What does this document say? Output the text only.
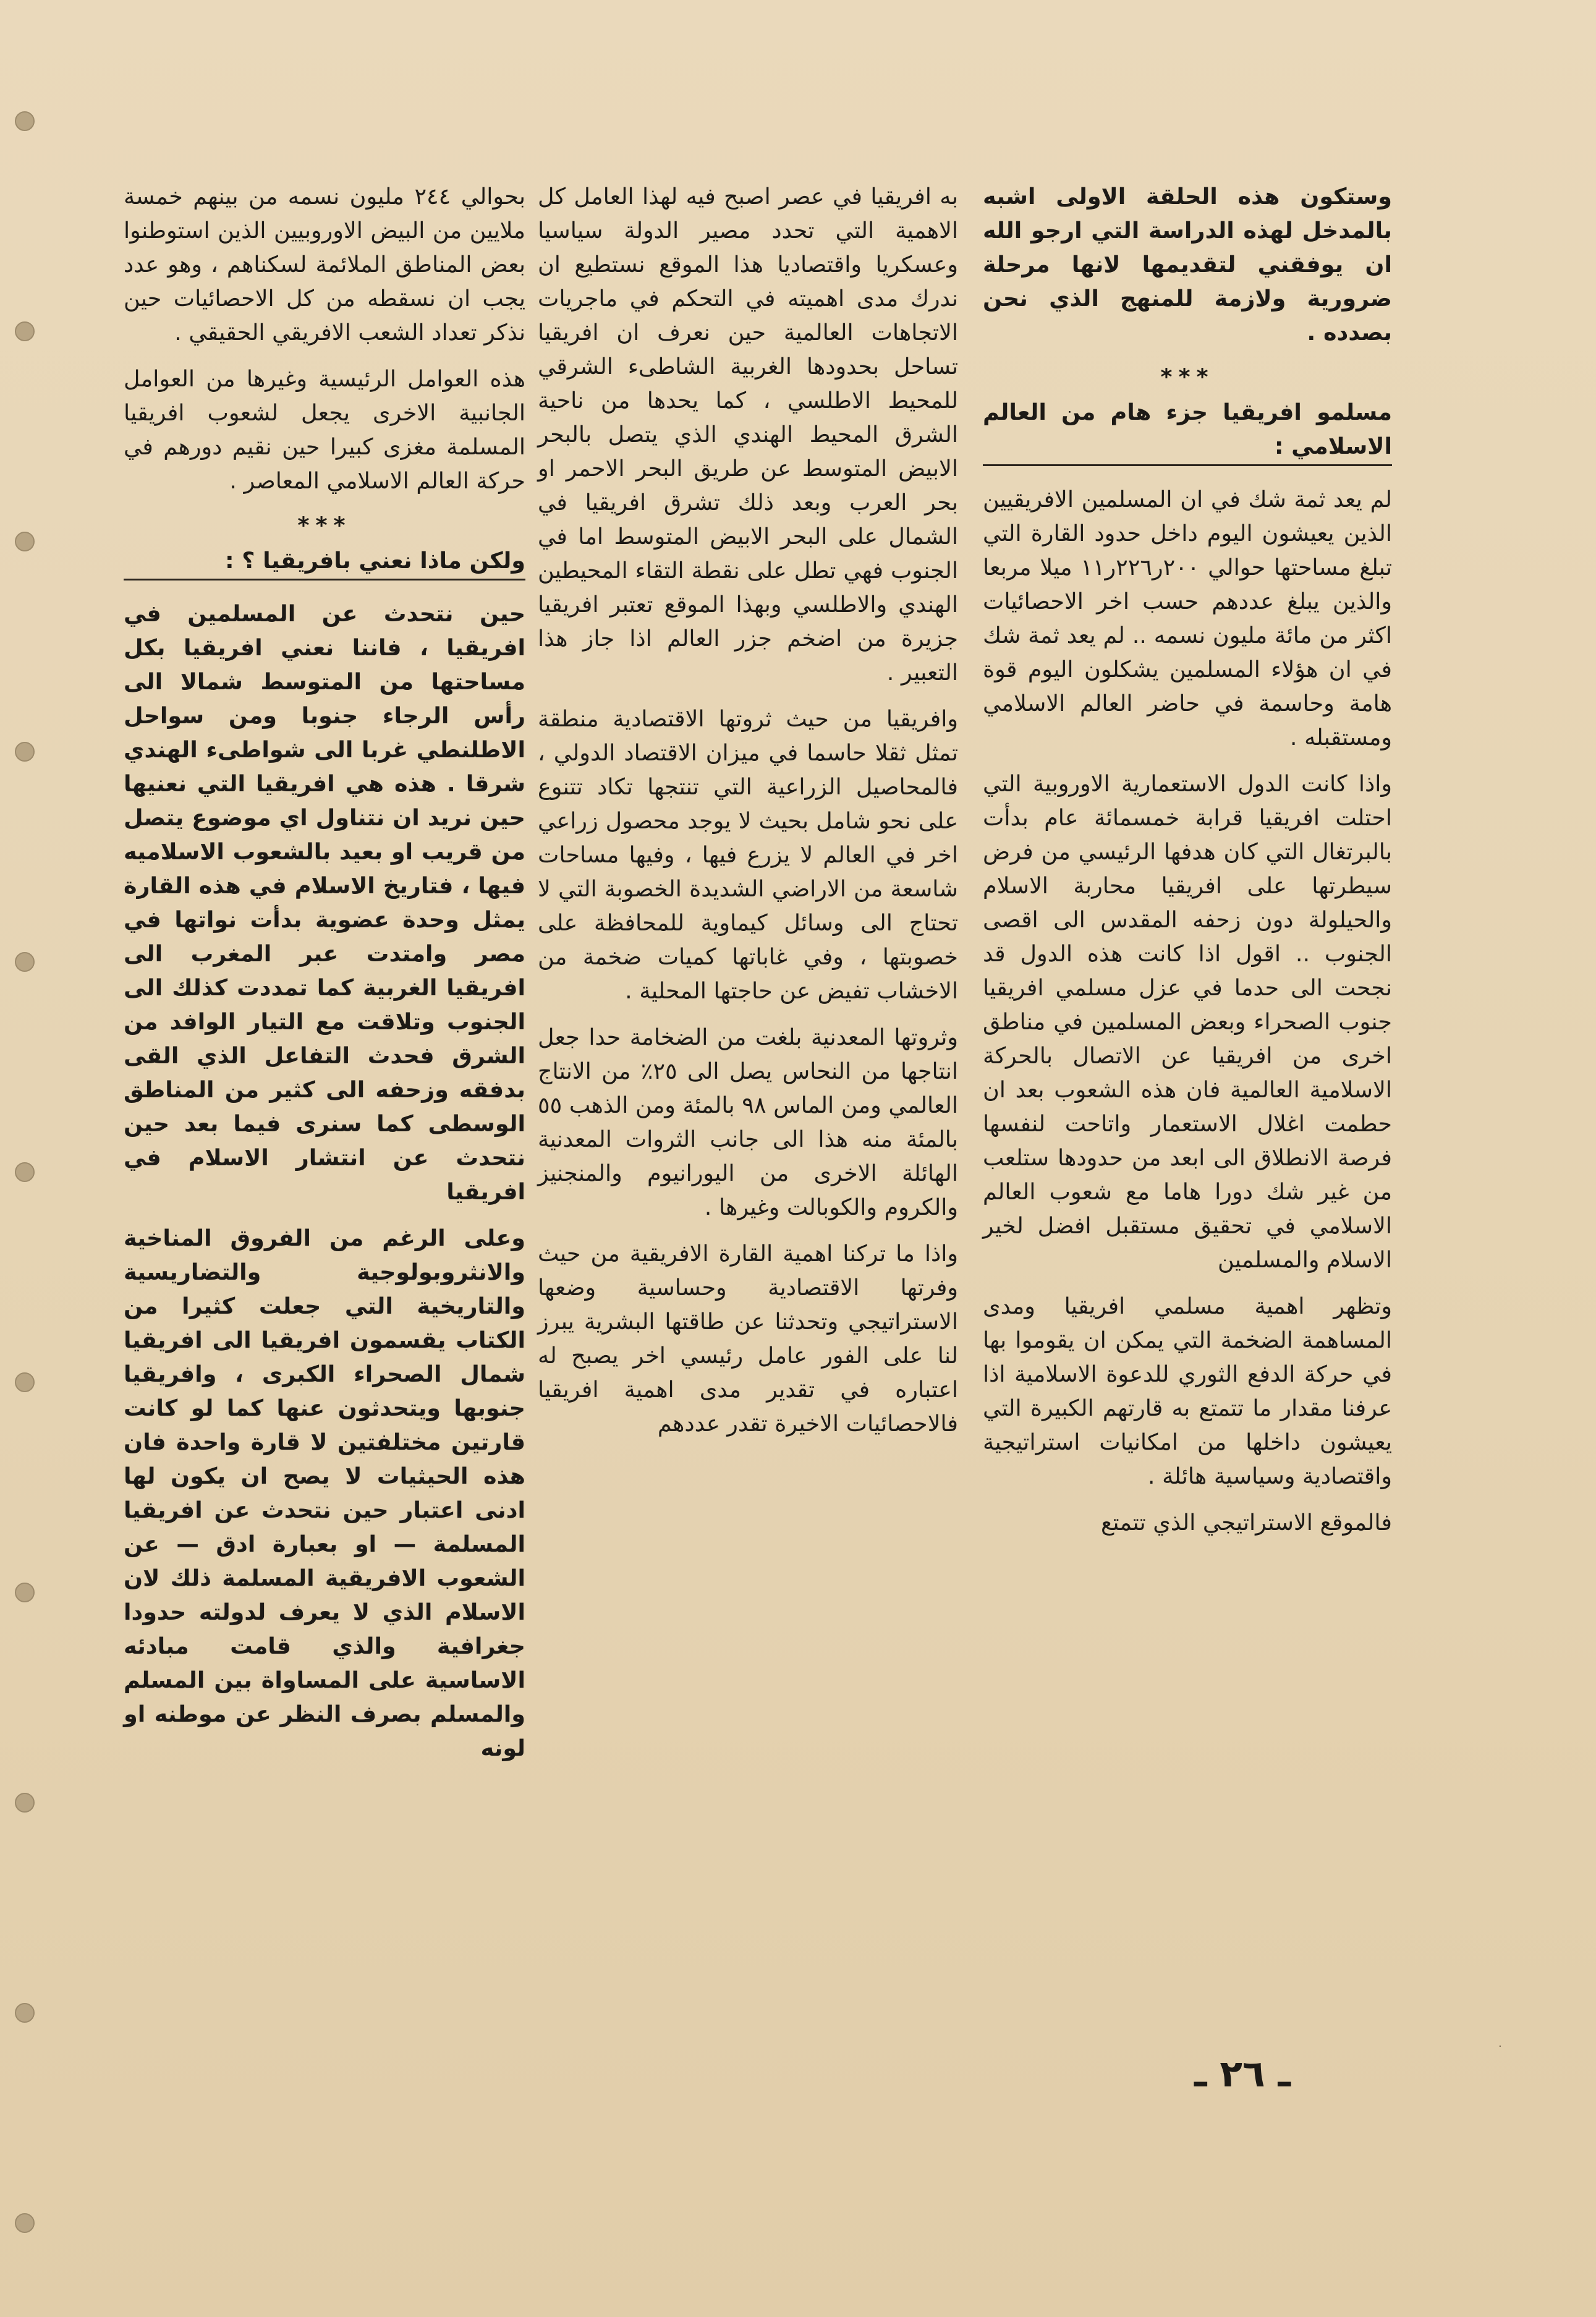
وستكون هذه الحلقة الاولى اشبه بالمدخل لهذه الدراسة التي ارجو الله ان يوفقني لتقديمها لانها مرحلة ضرورية ولازمة للمنهج الذي نحن بصدده .

***

مسلمو افريقيا جزء هام من العالم الاسلامي :

لم يعد ثمة شك في ان المسلمين الافريقيين الذين يعيشون اليوم داخل حدود القارة التي تبلغ مساحتها حوالي ٢٠٠ر٢٢٦ر١١ ميلا مربعا والذين يبلغ عددهم حسب اخر الاحصائيات اكثر من مائة مليون نسمه .. لم يعد ثمة شك في ان هؤلاء المسلمين يشكلون اليوم قوة هامة وحاسمة في حاضر العالم الاسلامي ومستقبله .

واذا كانت الدول الاستعمارية الاوروبية التي احتلت افريقيا قرابة خمسمائة عام بدأت بالبرتغال التي كان هدفها الرئيسي من فرض سيطرتها على افريقيا محاربة الاسلام والحيلولة دون زحفه المقدس الى اقصى الجنوب .. اقول اذا كانت هذه الدول قد نجحت الى حدما في عزل مسلمي افريقيا جنوب الصحراء وبعض المسلمين في مناطق اخرى من افريقيا عن الاتصال بالحركة الاسلامية العالمية فان هذه الشعوب بعد ان حطمت اغلال الاستعمار واتاحت لنفسها فرصة الانطلاق الى ابعد من حدودها ستلعب من غير شك دورا هاما مع شعوب العالم الاسلامي في تحقيق مستقبل افضل لخير الاسلام والمسلمين

وتظهر اهمية مسلمي افريقيا ومدى المساهمة الضخمة التي يمكن ان يقوموا بها في حركة الدفع الثوري للدعوة الاسلامية اذا عرفنا مقدار ما تتمتع به قارتهم الكبيرة التي يعيشون داخلها من امكانيات استراتيجية واقتصادية وسياسية هائلة .

فالموقع الاستراتيجي الذي تتمتع

به افريقيا في عصر اصبح فيه لهذا العامل كل الاهمية التي تحدد مصير الدولة سياسيا وعسكريا واقتصاديا هذا الموقع نستطيع ان ندرك مدى اهميته في التحكم في ماجريات الاتجاهات العالمية حين نعرف ان افريقيا تساحل بحدودها الغربية الشاطىء الشرقي للمحيط الاطلسي ، كما يحدها من ناحية الشرق المحيط الهندي الذي يتصل بالبحر الابيض المتوسط عن طريق البحر الاحمر او بحر العرب وبعد ذلك تشرق افريقيا في الشمال على البحر الابيض المتوسط اما في الجنوب فهي تطل على نقطة التقاء المحيطين الهندي والاطلسي وبهذا الموقع تعتبر افريقيا جزيرة من اضخم جزر العالم اذا جاز هذا التعبير .

وافريقيا من حيث ثروتها الاقتصادية منطقة تمثل ثقلا حاسما في ميزان الاقتصاد الدولي ، فالمحاصيل الزراعية التي تنتجها تكاد تتنوع على نحو شامل بحيث لا يوجد محصول زراعي اخر في العالم لا يزرع فيها ، وفيها مساحات شاسعة من الاراضي الشديدة الخصوبة التي لا تحتاج الى وسائل كيماوية للمحافظة على خصوبتها ، وفي غاباتها كميات ضخمة من الاخشاب تفيض عن حاجتها المحلية .

وثروتها المعدنية بلغت من الضخامة حدا جعل انتاجها من النحاس يصل الى ٢٥٪ من الانتاج العالمي ومن الماس ٩٨ بالمئة ومن الذهب ٥٥ بالمئة منه هذا الى جانب الثروات المعدنية الهائلة الاخرى من اليورانيوم والمنجنيز والكروم والكوبالت وغيرها .

واذا ما تركنا اهمية القارة الافريقية من حيث وفرتها الاقتصادية وحساسية وضعها الاستراتيجي وتحدثنا عن طاقتها البشرية يبرز لنا على الفور عامل رئيسي اخر يصبح له اعتباره في تقدير مدى اهمية افريقيا فالاحصائيات الاخيرة تقدر عددهم

بحوالي ٢٤٤ مليون نسمه من بينهم خمسة ملايين من البيض الاوروبيين الذين استوطنوا بعض المناطق الملائمة لسكناهم ، وهو عدد يجب ان نسقطه من كل الاحصائيات حين نذكر تعداد الشعب الافريقي الحقيقي .

هذه العوامل الرئيسية وغيرها من العوامل الجانبية الاخرى يجعل لشعوب افريقيا المسلمة مغزى كبيرا حين نقيم دورهم في حركة العالم الاسلامي المعاصر .

***

ولكن ماذا نعني بافريقيا ؟ :

حين نتحدث عن المسلمين في افريقيا ، فاننا نعني افريقيا بكل مساحتها من المتوسط شمالا الى رأس الرجاء جنوبا ومن سواحل الاطلنطي غربا الى شواطىء الهندي شرقا . هذه هي افريقيا التي نعنيها حين نريد ان نتناول اي موضوع يتصل من قريب او بعيد بالشعوب الاسلاميه فيها ، فتاريخ الاسلام في هذه القارة يمثل وحدة عضوية بدأت نواتها في مصر وامتدت عبر المغرب الى افريقيا الغربية كما تمددت كذلك الى الجنوب وتلاقت مع التيار الوافد من الشرق فحدث التفاعل الذي القى بدفقه وزحفه الى كثير من المناطق الوسطى كما سنرى فيما بعد حين نتحدث عن انتشار الاسلام في افريقيا

وعلى الرغم من الفروق المناخية والانثروبولوجية والتضاريسية والتاريخية التي جعلت كثيرا من الكتاب يقسمون افريقيا الى افريقيا شمال الصحراء الكبرى ، وافريقيا جنوبها ويتحدثون عنها كما لو كانت قارتين مختلفتين لا قارة واحدة فان هذه الحيثيات لا يصح ان يكون لها ادنى اعتبار حين نتحدث عن افريقيا المسلمة — او بعبارة ادق — عن الشعوب الافريقية المسلمة ذلك لان الاسلام الذي لا يعرف لدولته حدودا جغرافية والذي قامت مبادئه الاساسية على المساواة بين المسلم والمسلم بصرف النظر عن موطنه او لونه

ـ ٢٦ ـ
·
